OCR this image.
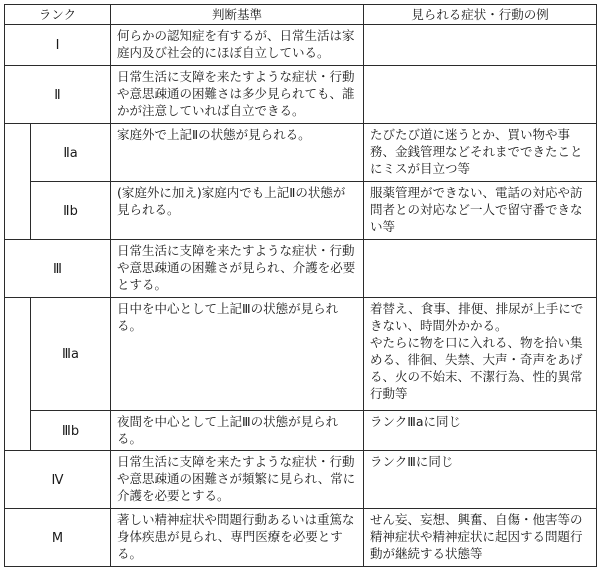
ランク		判断基準	見られる症状・行動の例
Ⅰ		何らかの認知症を有するが、日常生活は家庭内及び社会的にほぼ自立している。	
Ⅱ		日常生活に支障を来たすような症状・行動や意思疎通の困難さは多少見られても、誰かが注意していれば自立できる。	
	Ⅱa	家庭外で上記Ⅱの状態が見られる。	たびたび道に迷うとか、買い物や事務、金銭管理などそれまでできたことにミスが目立つ等
	Ⅱb	(家庭外に加え)家庭内でも上記Ⅱの状態が見られる。	服薬管理ができない、電話の対応や訪問者との対応など一人で留守番できない等
Ⅲ		日常生活に支障を来たすような症状・行動や意思疎通の困難さが見られ、介護を必要とする。	
	Ⅲa	日中を中心として上記Ⅲの状態が見られる。	着替え、食事、排便、排尿が上手にできない、時間外かかる。
やたらに物を口に入れる、物を拾い集める、徘徊、失禁、大声・奇声をあげる、火の不始末、不潔行為、性的異常行動等
	Ⅲb	夜間を中心として上記Ⅲの状態が見られる。	ランクⅢaに同じ
Ⅳ		日常生活に支障を来たすような症状・行動や意思疎通の困難さが頻繁に見られ、常に介護を必要とする。	ランクⅢに同じ
M		著しい精神症状や問題行動あるいは重篤な身体疾患が見られ、専門医療を必要とする。	せん妄、妄想、興奮、自傷・他害等の精神症状や精神症状に起因する問題行動が継続する状態等
